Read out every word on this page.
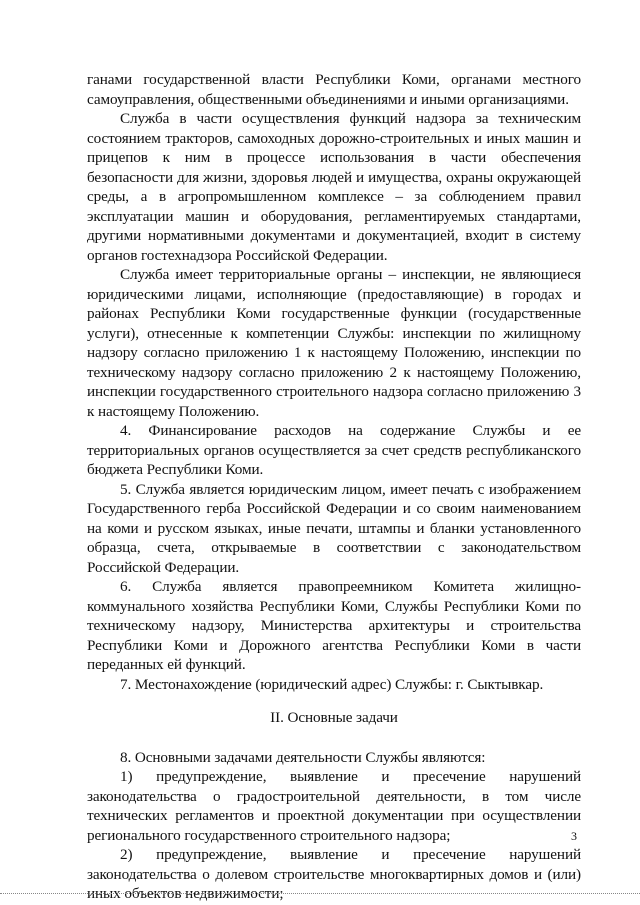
ганами государственной власти Республики Коми, органами местного самоуправления, общественными объединениями и иными организациями.

Служба в части осуществления функций надзора за техническим состоянием тракторов, самоходных дорожно-строительных и иных машин и прицепов к ним в процессе использования в части обеспечения безопасности для жизни, здоровья людей и имущества, охраны окружающей среды, а в агропромышленном комплексе – за соблюдением правил эксплуатации машин и оборудования, регламентируемых стандартами, другими нормативными документами и документацией, входит в систему органов гостехнадзора Российской Федерации.

Служба имеет территориальные органы – инспекции, не являющиеся юридическими лицами, исполняющие (предоставляющие) в городах и районах Республики Коми государственные функции (государственные услуги), отнесенные к компетенции Службы: инспекции по жилищному надзору согласно приложению 1 к настоящему Положению, инспекции по техническому надзору согласно приложению 2 к настоящему Положению, инспекции государственного строительного надзора согласно приложению 3 к настоящему Положению.

4. Финансирование расходов на содержание Службы и ее территориальных органов осуществляется за счет средств республиканского бюджета Республики Коми.

5. Служба является юридическим лицом, имеет печать с изображением Государственного герба Российской Федерации и со своим наименованием на коми и русском языках, иные печати, штампы и бланки установленного образца, счета, открываемые в соответствии с законодательством Российской Федерации.

6. Служба является правопреемником Комитета жилищно-коммунального хозяйства Республики Коми, Службы Республики Коми по техническому надзору, Министерства архитектуры и строительства Республики Коми и Дорожного агентства Республики Коми в части переданных ей функций.

7. Местонахождение (юридический адрес) Службы: г. Сыктывкар.

II. Основные задачи

8. Основными задачами деятельности Службы являются:

1) предупреждение, выявление и пресечение нарушений законодательства о градостроительной деятельности, в том числе технических регламентов и проектной документации при осуществлении регионального государственного строительного надзора;

2) предупреждение, выявление и пресечение нарушений законодательства о долевом строительстве многоквартирных домов и (или) иных объектов недвижимости;

3
